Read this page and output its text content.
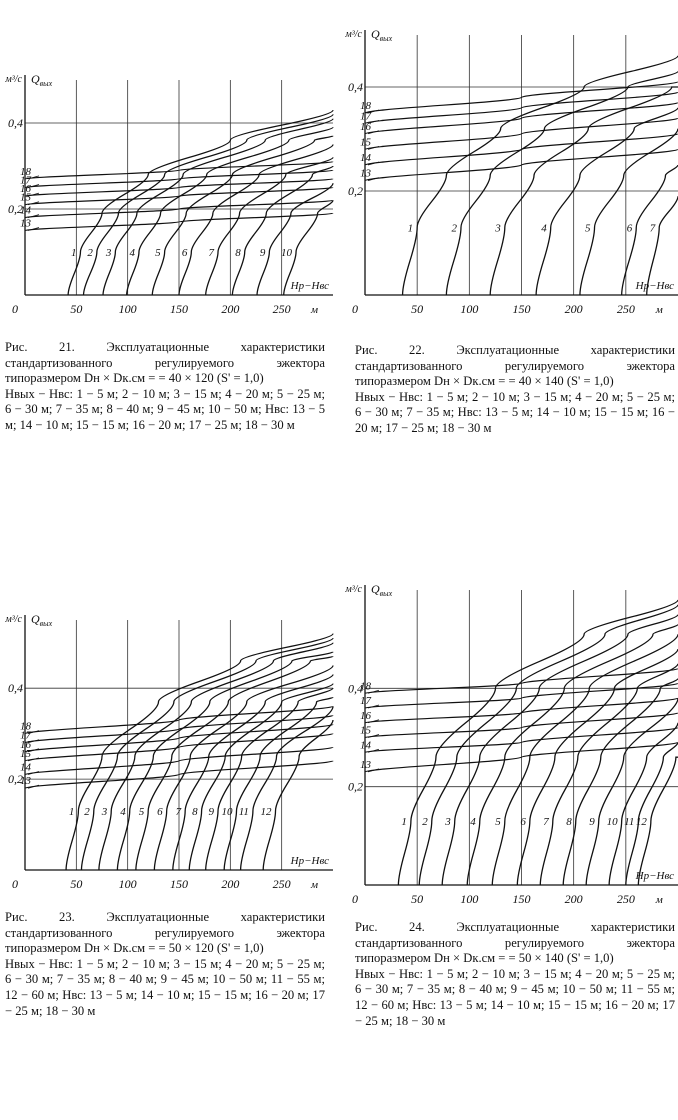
18
17
16
15
14
13
1 2 3 4 5 6 7 8 9 10
0	50	100	150	200	250 м
0,4
0,2
м³/с $Q_{вых}$
Hр−Hвс
Рис. 21. Эксплуатационные характеристики стандартизованного регулируемого эжектора типоразмером Dн × Dк.см = = 40 × 120 (S' = 1,0)
Hвых − Hвс: 1 − 5 м; 2 − 10 м; 3 − 15 м; 4 − 20 м; 5 − 25 м; 6 − 30 м; 7 − 35 м; 8 − 40 м; 9 − 45 м; 10 − 50 м; Hвс: 13 − 5 м; 14 − 10 м; 15 − 15 м; 16 − 20 м; 17 − 25 м; 18 − 30 м
18
17
16
15
14
13
1	2	3	4	5	6 7
0	50	100	150	200	250 м
0,4
0,2
м³/с $Q_{вых}$
Hр−Hвс
Рис. 22. Эксплуатационные характеристики стандартизованного регулируемого эжектора типоразмером Dн × Dк.см = = 40 × 140 (S' = 1,0)
Hвых − Hвс: 1 − 5 м; 2 − 10 м; 3 − 15 м; 4 − 20 м; 5 − 25 м; 6 − 30 м; 7 − 35 м; Hвс: 13 − 5 м; 14 − 10 м; 15 − 15 м; 16 − 20 м; 17 − 25 м; 18 − 30 м
18
17
16
15
14
13
1 2 3 4 5 6 7 8 9 10 11 12
0	50	100	150	200	250 м
0,4
0,2
м³/с $Q_{вых}$
Hр−Hвс
Рис. 23. Эксплуатационные характеристики стандартизованного регулируемого эжектора типоразмером Dн × Dк.см = = 50 × 120 (S' = 1,0)
Hвых − Hвс: 1 − 5 м; 2 − 10 м; 3 − 15 м; 4 − 20 м; 5 − 25 м; 6 − 30 м; 7 − 35 м; 8 − 40 м; 9 − 45 м; 10 − 50 м; 11 − 55 м; 12 − 60 м; Hвс: 13 − 5 м; 14 − 10 м; 15 − 15 м; 16 − 20 м; 17 − 25 м; 18 − 30 м
18
17
16
15
14
13
1 2 3 4 5 6 7 8 9 10 11 12
0	50	100	150	200	250 м
0,4
0,2
м³/с $Q_{вых}$
Hр−Hвс
Рис. 24. Эксплуатационные характеристики стандартизованного регулируемого эжектора типоразмером Dн × Dк.см = = 50 × 140 (S' = 1,0)
Hвых − Hвс: 1 − 5 м; 2 − 10 м; 3 − 15 м; 4 − 20 м; 5 − 25 м; 6 − 30 м; 7 − 35 м; 8 − 40 м; 9 − 45 м; 10 − 50 м; 11 − 55 м; 12 − 60 м; Hвс: 13 − 5 м; 14 − 10 м; 15 − 15 м; 16 − 20 м; 17 − 25 м; 18 − 30 м
